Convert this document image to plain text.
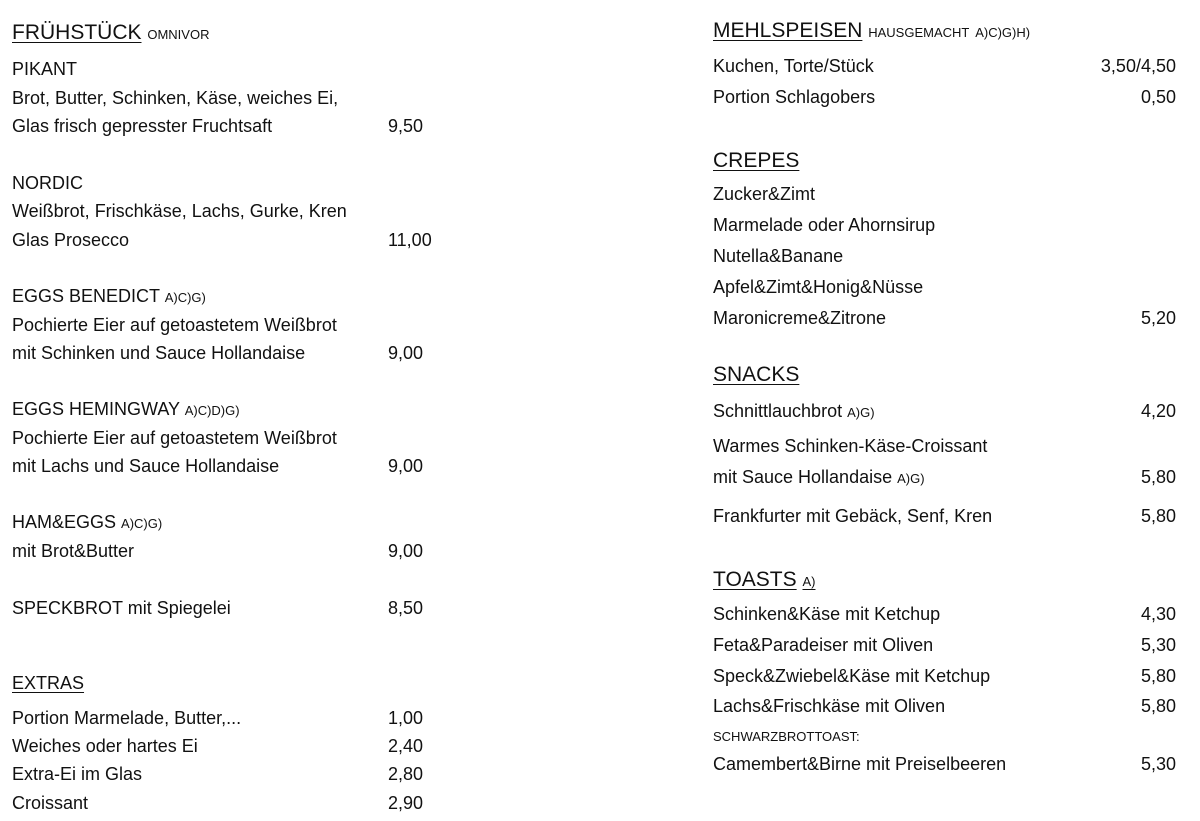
FRÜHSTÜCK OMNIVOR
PIKANT
Brot, Butter, Schinken, Käse, weiches Ei,
Glas frisch gepresster Fruchtsaft	9,50
NORDIC
Weißbrot, Frischkäse, Lachs, Gurke, Kren
Glas Prosecco	11,00
EGGS BENEDICT A)C)G)
Pochierte Eier auf getoastetem Weißbrot
mit Schinken und Sauce Hollandaise	9,00
EGGS HEMINGWAY A)C)D)G)
Pochierte Eier auf getoastetem Weißbrot
mit Lachs und Sauce Hollandaise	9,00
HAM&EGGS A)C)G)
mit Brot&Butter	9,00
SPECKBROT mit Spiegelei	8,50
EXTRAS
Portion Marmelade, Butter,...	1,00
Weiches oder hartes Ei	2,40
Extra-Ei im Glas	2,80
Croissant	2,90
MEHLSPEISEN HAUSGEMACHT A)C)G)H)
Kuchen, Torte/Stück	3,50/4,50
Portion Schlagobers	0,50
CREPES
Zucker&Zimt
Marmelade oder Ahornsirup
Nutella&Banane
Apfel&Zimt&Honig&Nüsse
Maronicreme&Zitrone	5,20
SNACKS
Schnittlauchbrot A)G)	4,20
Warmes Schinken-Käse-Croissant
mit Sauce Hollandaise A)G)	5,80
Frankfurter mit Gebäck, Senf, Kren	5,80
TOASTS A)
Schinken&Käse mit Ketchup	4,30
Feta&Paradeiser mit Oliven	5,30
Speck&Zwiebel&Käse mit Ketchup	5,80
Lachs&Frischkäse mit Oliven	5,80
SCHWARZBROTTOAST:
Camembert&Birne mit Preiselbeeren	5,30
